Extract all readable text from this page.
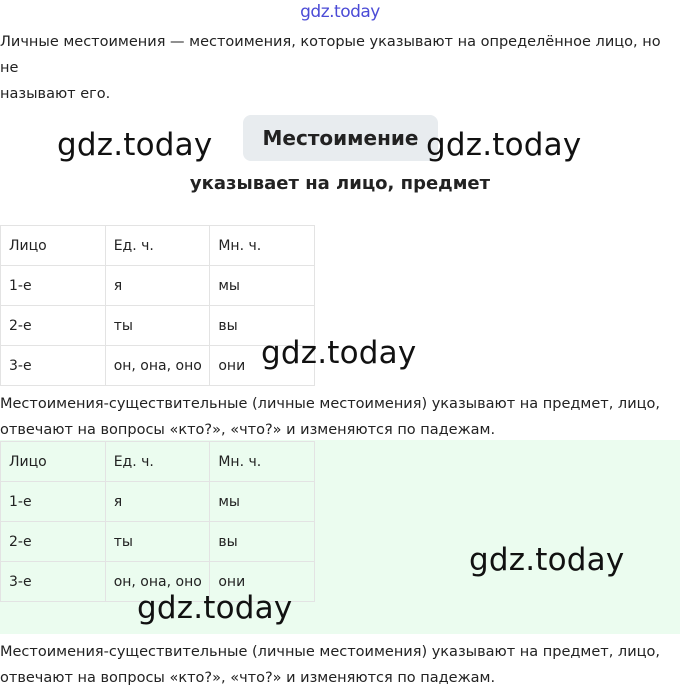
gdz.today
Личные местоимения — местоимения, которые указывают на определённое лицо, но не
называют его.
Местоимение
указывает на лицо, предмет
Лицо	Ед. ч.	Мн. ч.
1-е	я	мы
2-е	ты	вы
3-е	он, она, оно	они
Местоимения-существительные (личные местоимения) указывают на предмет, лицо,
отвечают на вопросы «кто?», «что?» и изменяются по падежам.
Лицо	Ед. ч.	Мн. ч.
1-е	я	мы
2-е	ты	вы
3-е	он, она, оно	они
Местоимения-существительные (личные местоимения) указывают на предмет, лицо,
отвечают на вопросы «кто?», «что?» и изменяются по падежам.
gdz.today	gdz.today
gdz.today
gdz.today
gdz.today
